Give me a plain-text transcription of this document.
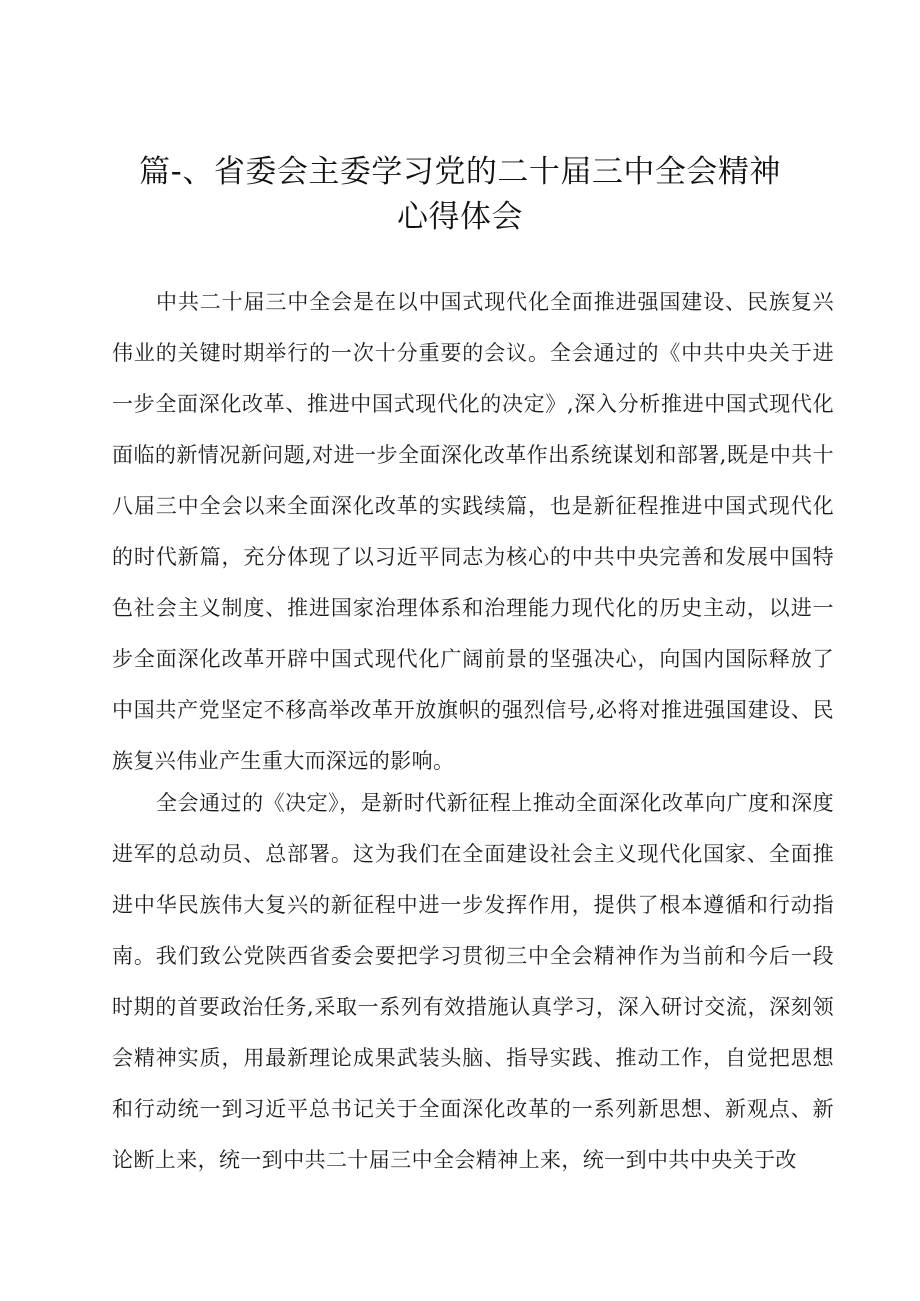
篇-、省委会主委学习党的二十届三中全会精神
心得体会

中共二十届三中全会是在以中国式现代化全面推进强国建设、民族复兴伟业的关键时期举行的一次十分重要的会议。全会通过的《中共中央关于进一步全面深化改革、推进中国式现代化的决定》,深入分析推进中国式现代化面临的新情况新问题,对进一步全面深化改革作出系统谋划和部署,既是中共十八届三中全会以来全面深化改革的实践续篇，也是新征程推进中国式现代化的时代新篇，充分体现了以习近平同志为核心的中共中央完善和发展中国特色社会主义制度、推进国家治理体系和治理能力现代化的历史主动，以进一步全面深化改革开辟中国式现代化广阔前景的坚强决心，向国内国际释放了中国共产党坚定不移高举改革开放旗帜的强烈信号,必将对推进强国建设、民族复兴伟业产生重大而深远的影响。

全会通过的《决定》，是新时代新征程上推动全面深化改革向广度和深度进军的总动员、总部署。这为我们在全面建设社会主义现代化国家、全面推进中华民族伟大复兴的新征程中进一步发挥作用，提供了根本遵循和行动指南。我们致公党陕西省委会要把学习贯彻三中全会精神作为当前和今后一段时期的首要政治任务,采取一系列有效措施认真学习，深入研讨交流，深刻领会精神实质，用最新理论成果武装头脑、指导实践、推动工作，自觉把思想和行动统一到习近平总书记关于全面深化改革的一系列新思想、新观点、新论断上来，统一到中共二十届三中全会精神上来，统一到中共中央关于改
